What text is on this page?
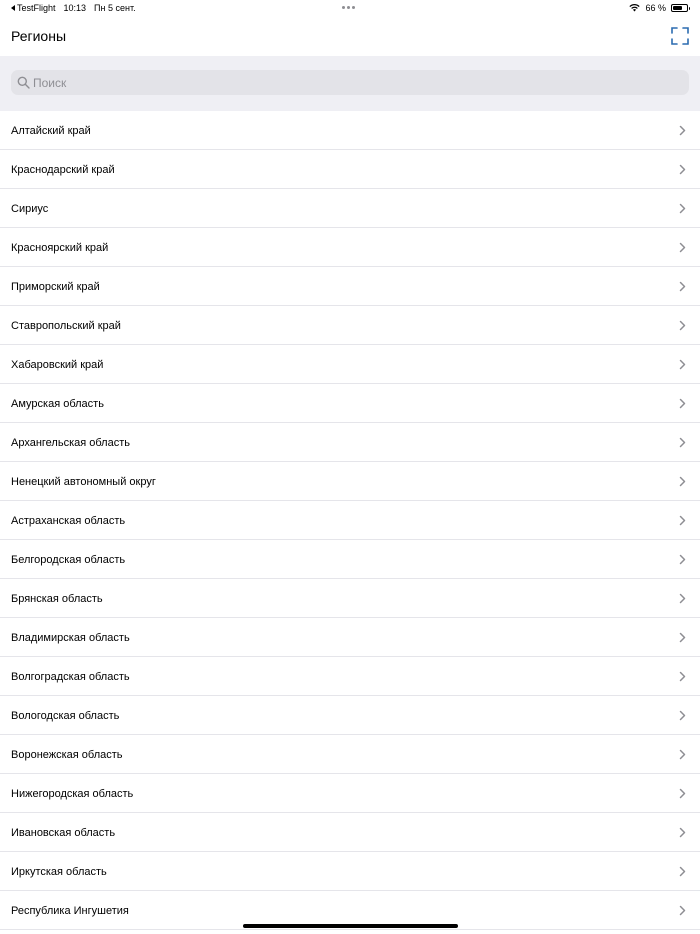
TestFlight 10:13 Пн 5 сент.	66 %
Регионы
Поиск
Алтайский край
Краснодарский край
Сириус
Красноярский край
Приморский край
Ставропольский край
Хабаровский край
Амурская область
Архангельская область
Ненецкий автономный округ
Астраханская область
Белгородская область
Брянская область
Владимирская область
Волгоградская область
Вологодская область
Воронежская область
Нижегородская область
Ивановская область
Иркутская область
Республика Ингушетия
